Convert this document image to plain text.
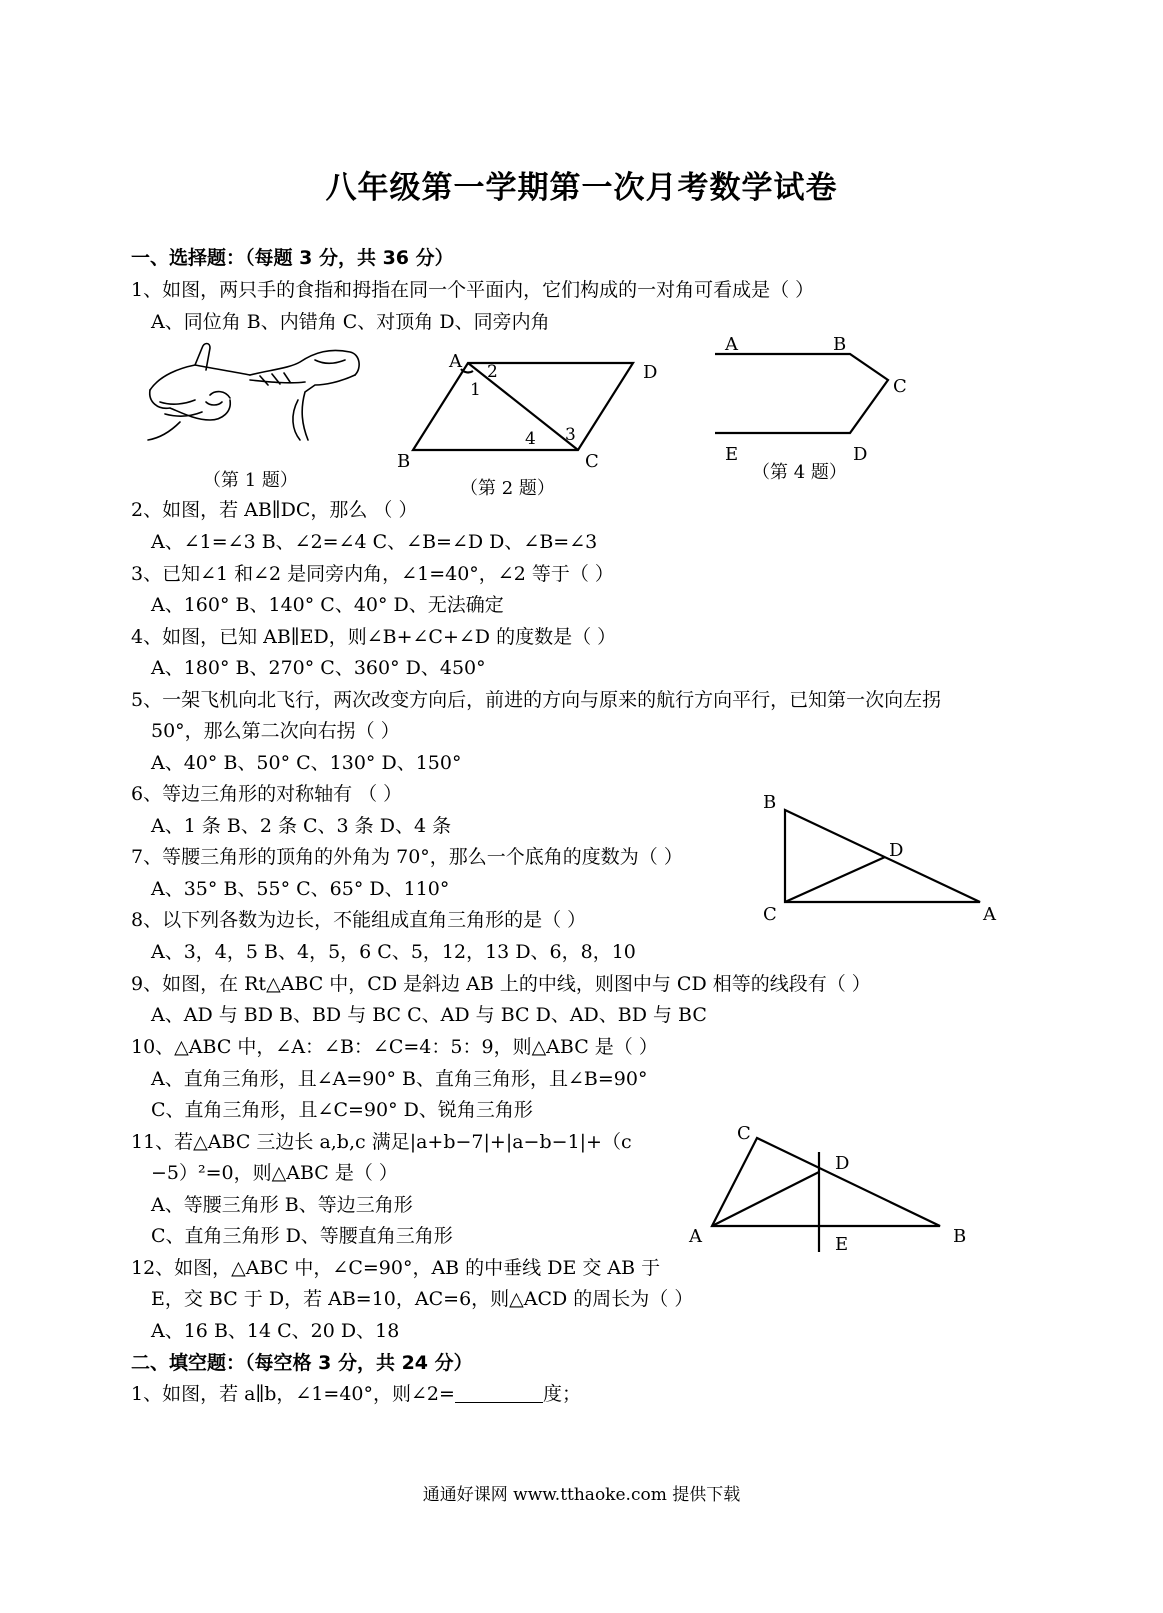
八年级第一学期第一次月考数学试卷
一、选择题：（每题 3 分，共 36 分）
1、如图，两只手的食指和拇指在同一个平面内，它们构成的一对角可看成是（ ）
A、同位角 B、内错角 C、对顶角 D、同旁内角
（第 1 题）
A 2
1
D
4 3
B	C
（第 2 题）
A	B
C
E	D
（第 4 题）
2、如图，若 AB∥DC，那么 （ ）
A、∠1=∠3 B、∠2=∠4 C、∠B=∠D D、∠B=∠3
3、已知∠1 和∠2 是同旁内角，∠1=40°，∠2 等于（ ）
A、160° B、140° C、40° D、无法确定
4、如图，已知 AB∥ED，则∠B+∠C+∠D 的度数是（ ）
A、180° B、270° C、360° D、450°
5、一架飞机向北飞行，两次改变方向后，前进的方向与原来的航行方向平行，已知第一次向左拐
50°，那么第二次向右拐（ ）
A、40° B、50° C、130° D、150°
6、等边三角形的对称轴有 （ ）
A、1 条 B、2 条 C、3 条 D、4 条
7、等腰三角形的顶角的外角为 70°，那么一个底角的度数为（ ）
A、35° B、55° C、65° D、110°
8、以下列各数为边长，不能组成直角三角形的是（ ）
A、3，4，5 B、4，5，6 C、5，12，13 D、6，8，10
B
D
C	A
9、如图，在 Rt△ABC 中，CD 是斜边 AB 上的中线，则图中与 CD 相等的线段有（ ）
A、AD 与 BD B、BD 与 BC C、AD 与 BC D、AD、BD 与 BC
10、△ABC 中，∠A：∠B：∠C=4：5：9，则△ABC 是（ ）
A、直角三角形，且∠A=90° B、直角三角形，且∠B=90°
C、直角三角形，且∠C=90° D、锐角三角形
11、若△ABC 三边长 a,b,c 满足|a+b−7|+|a−b−1|+（c
−5）²=0，则△ABC 是（ ）
A、等腰三角形 B、等边三角形
C、直角三角形 D、等腰直角三角形
C
D
A	E	B
12、如图，△ABC 中，∠C=90°，AB 的中垂线 DE 交 AB 于
E，交 BC 于 D，若 AB=10，AC=6，则△ACD 的周长为（ ）
A、16 B、14 C、20 D、18
二、填空题：（每空格 3 分，共 24 分）
1、如图，若 a∥b，∠1=40°，则∠2=	度；
通通好课网 www.tthaoke.com 提供下载
